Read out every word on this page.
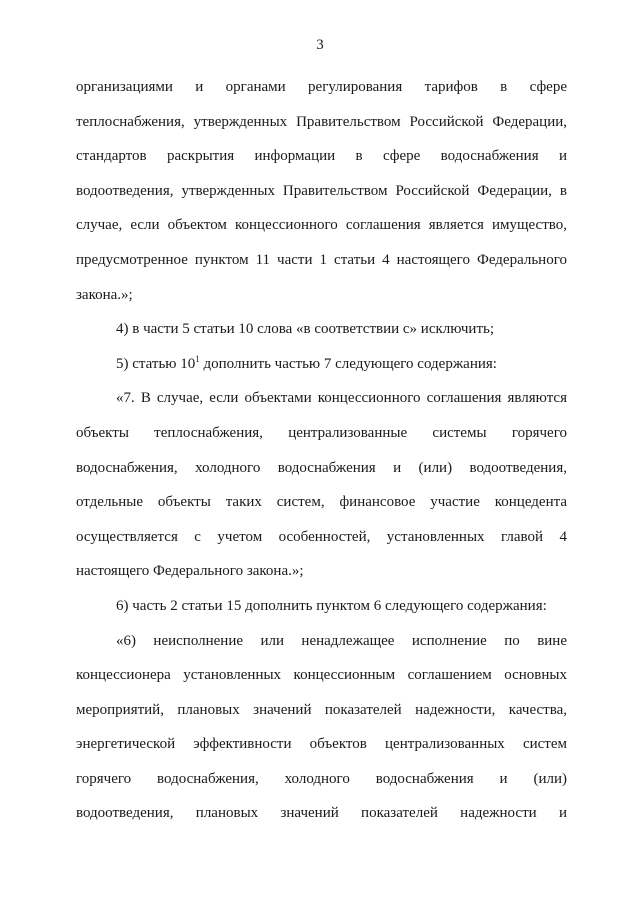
3
организациями и органами регулирования тарифов в сфере
теплоснабжения, утвержденных Правительством Российской Федерации,
стандартов раскрытия информации в сфере водоснабжения и
водоотведения, утвержденных Правительством Российской Федерации, в
случае, если объектом концессионного соглашения является имущество,
предусмотренное пунктом 11 части 1 статьи 4 настоящего Федерального
закона.»;
4) в части 5 статьи 10 слова «в соответствии с» исключить;
5) статью $10^1$ дополнить частью 7 следующего содержания:
«7. В случае, если объектами концессионного соглашения являются
объекты теплоснабжения, централизованные системы горячего
водоснабжения, холодного водоснабжения и (или) водоотведения,
отдельные объекты таких систем, финансовое участие концедента
осуществляется с учетом особенностей, установленных главой 4
настоящего Федерального закона.»;
6) часть 2 статьи 15 дополнить пунктом 6 следующего содержания:
«6) неисполнение или ненадлежащее исполнение по вине
концессионера установленных концессионным соглашением основных
мероприятий, плановых значений показателей надежности, качества,
энергетической эффективности объектов централизованных систем
горячего водоснабжения, холодного водоснабжения и (или)
водоотведения, плановых значений показателей надежности и
